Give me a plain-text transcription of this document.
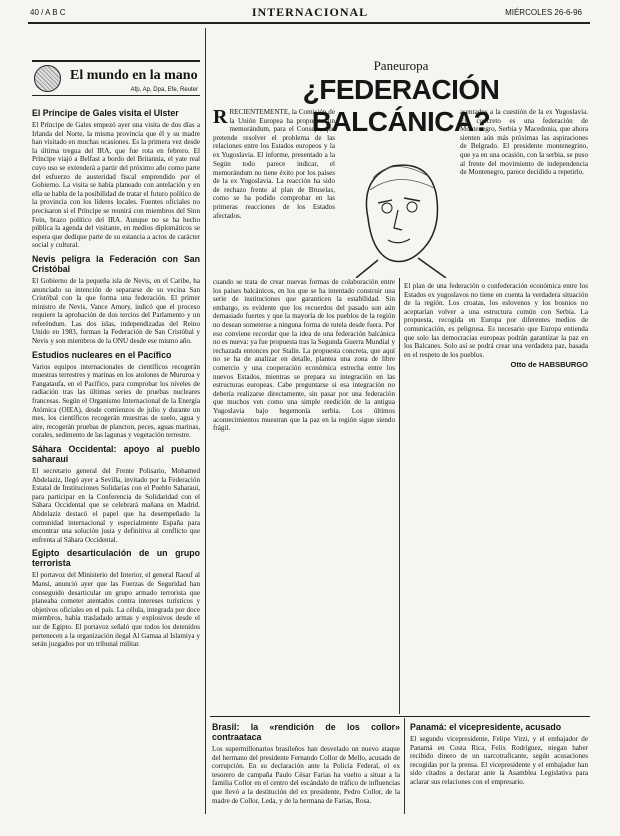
40 / A B C	INTERNACIONAL	MIÉRCOLES 26-6-96
El mundo en la mano
Afp, Ap, Dpa, Efe, Reuter
El Príncipe de Gales visita el Ulster

El Príncipe de Gales empezó ayer una visita de dos días a Irlanda del Norte, la misma provincia que él y su madre han visitado en muchas ocasiones. Es la primera vez desde la última tregua del IRA, que fue rota en febrero. El Príncipe viajó a Belfast a bordo del Britannia, el yate real cuyo uso se extenderá a partir del próximo año como parte del esfuerzo de austeridad fiscal emprendido por el Gobierno. La visita se había planeado con antelación y en ella se habla de la posibilidad de tratar el futuro político de la provincia con los líderes locales. Fuentes oficiales no precisaron si el Príncipe se reunirá con miembros del Sinn Fein, brazo político del IRA. Aunque no se ha hecho pública la agenda del visitante, en medios diplomáticos se espera que dedique parte de su estancia a actos de carácter social y cultural.

Nevis peligra la Federación con San Cristóbal

El Gobierno de la pequeña isla de Nevis, en el Caribe, ha anunciado su intención de separarse de su vecina San Cristóbal con la que forma una federación. El primer ministro de Nevis, Vance Amory, indicó que el proceso requiere la aprobación de dos tercios del Parlamento y un referéndum. Las dos islas, independizadas del Reino Unido en 1983, forman la Federación de San Cristóbal y Nevis y son miembros de la ONU desde ese mismo año.

Estudios nucleares en el Pacífico

Varios equipos internacionales de científicos recogerán muestras terrestres y marinas en los atolones de Mururoa y Fangataufa, en el Pacífico, para comprobar los niveles de radiación tras las últimas series de pruebas nucleares francesas. Según el Organismo Internacional de la Energía Atómica (OIEA), desde comienzos de julio y durante un mes, los científicos recogerán muestras de suelo, agua y aire, recogerán pruebas de plancton, peces, aguas marinas, corales, sedimento de las lagunas y vegetación terrestre.

Sáhara Occidental: apoyo al pueblo saharaui

El secretario general del Frente Polisario, Mohamed Abdelaziz, llegó ayer a Sevilla, invitado por la Federación Estatal de Instituciones Solidarias con el Pueblo Saharaui, para participar en la Conferencia de Solidaridad con el Sáhara Occidental que se celebrará mañana en Madrid. Abdelaziz destacó el papel que ha desempeñado la comunidad internacional y especialmente España para encontrar una solución justa y definitiva al conflicto que enfrenta al Sáhara Occidental.

Egipto desarticulación de un grupo terrorista

El portavoz del Ministerio del Interior, el general Raouf al Mansi, anunció ayer que las Fuerzas de Seguridad han conseguido desarticular un grupo armado terrorista que planeaba cometer atentados contra intereses turísticos y objetivos oficiales en el país. La célula, integrada por doce miembros, había trasladado armas y explosivos desde el sur de Egipto. El portavoz señaló que todos los detenidos pertenecen a la organización ilegal Al Gamaa al Islamiya y serán juzgados por un tribunal militar.

Paneuropa
¿FEDERACIÓN BALCÁNICA?

RRECIENTEMENTE, la Comisión de la Unión Europea ha propuesto un memorándum, para el Consejo, que pretende resolver el problema de las relaciones entre los Estados europeos y la ex Yugoslavia. El informe, presentado a la

Según todo parece indicar, el memorándum no tiene éxito por los países de la ex Yugoslavia. La reacción ha sido de rechazo frente al plan de Bruselas, como se ha podido comprobar en las primeras reacciones de los Estados afectados.

asentados a la cuestión de la ex Yugoslavia. En concreto es una federación de Montenegro, Serbia y Macedonia, que ahora sienten aún más próximas las aspiraciones de Belgrado. El presidente montenegrino, que ya en una ocasión, con la serbia, se puso al frente del movimiento de independencia de Montenegro, parece decidido a repetirlo.

cuando se trata de crear nuevas formas de colaboración entre los países balcánicos, en los que se ha intentado construir una serie de instituciones que garanticen la estabilidad. Sin embargo, es evidente que los recuerdos del pasado son aún demasiado fuertes y que la mayoría de los pueblos de la región no desean someterse a ninguna forma de tutela desde fuera. Por eso conviene recordar que la idea de una federación balcánica no es nueva: ya fue propuesta tras la Segunda Guerra Mundial y rechazada entonces por Stalin. La propuesta concreta, que aquí no se ha de analizar en detalle, plantea una zona de libre comercio y una cooperación económica estrecha entre los nuevos Estados, mientras se prepara su integración en las estructuras europeas. Cabe preguntarse si esa integración no debería realizarse directamente, sin pasar por una federación que muchos ven como una simple reedición de la antigua Yugoslavia bajo hegemonía serbia. Los últimos acontecimientos muestran que la paz en la región sigue siendo frágil.

El plan de una federación o confederación económica entre los Estados ex yugoslavos no tiene en cuenta la verdadera situación de la región. Los croatas, los eslovenos y los bosnios no aceptarían volver a una estructura común con Serbia. La propuesta, recogida en Europa por diferentes medios de comunicación, es peligrosa. Es necesario que Europa entienda que solo las democracias europeas podrán garantizar la paz en los Balcanes. Solo así se podrá crear una verdadera paz, basada en el respeto de los pueblos.

Otto de HABSBURGO
Brasil: la «rendición de los collor» contraataca

Los supermillonarios brasileños han desvelado un nuevo ataque del hermano del presidente Fernando Collor de Mello, acusado de corrupción. En su declaración ante la Policía Federal, el ex tesorero de campaña Paulo César Farias ha vuelto a situar a la familia Collor en el centro del escándalo de tráfico de influencias que llevó a la destitución del ex presidente, Pedro Collor, de la madre de Collor, Leda, y de la hermana de Farias, Rosa.

Panamá: el vicepresidente, acusado

El segundo vicepresidente, Felipe Virzi, y el embajador de Panamá en Costa Rica, Felix Rodríguez, niegan haber recibido dinero de un narcotraficante, según acusaciones recogidas por la prensa. El vicepresidente y el embajador han sido citados a declarar ante la Asamblea Legislativa para aclarar sus relaciones con el empresario.
